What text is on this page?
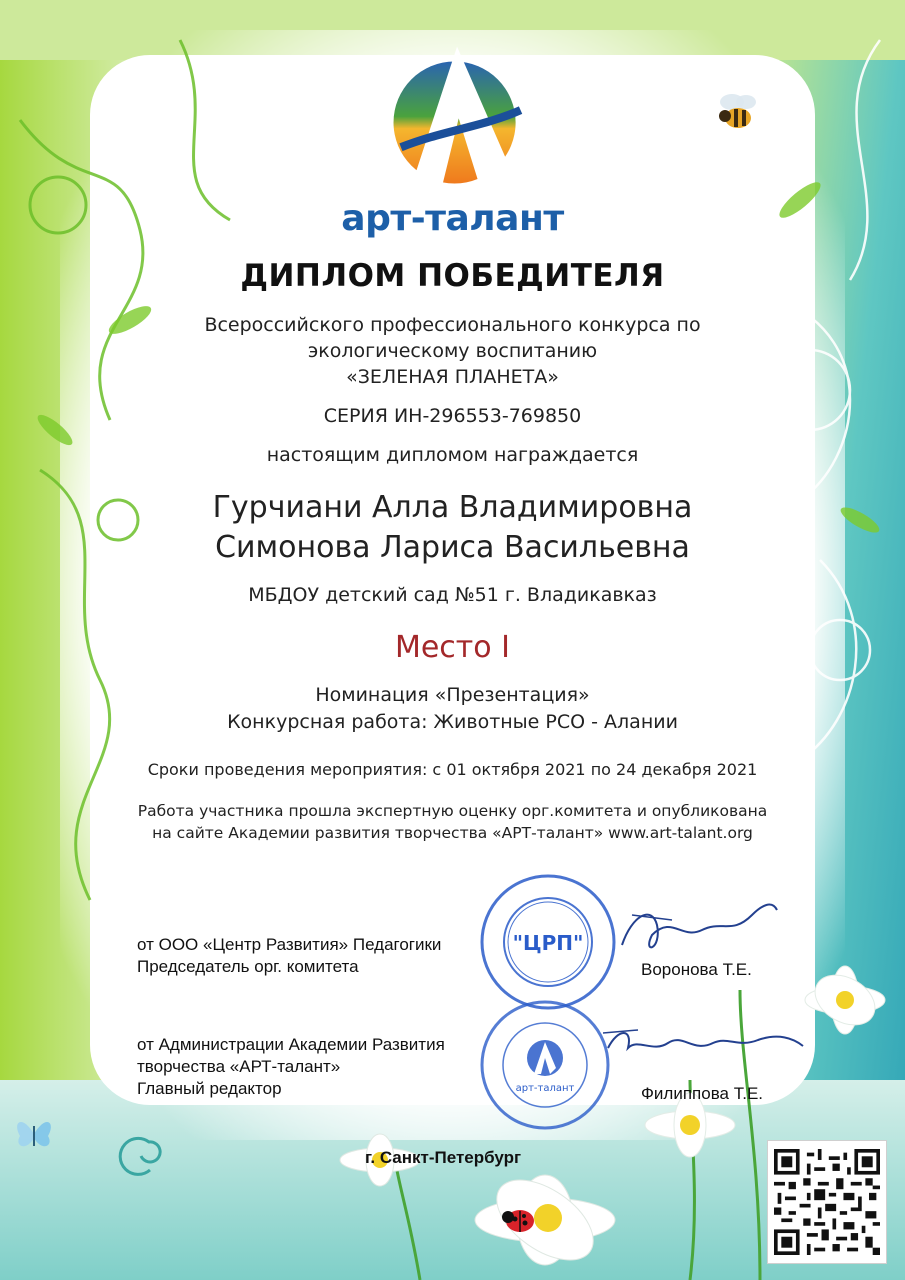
арт-талант
ДИПЛОМ ПОБЕДИТЕЛЯ
Всероссийского профессионального конкурса по
экологическому воспитанию
«ЗЕЛЕНАЯ ПЛАНЕТА»
СЕРИЯ ИН-296553-769850
настоящим дипломом награждается
Гурчиани Алла Владимировна
Симонова Лариса Васильевна
МБДОУ детский сад №51 г. Владикавказ
Место I
Номинация «Презентация»
Конкурсная работа: Животные РСО - Алании
Сроки проведения мероприятия: с 01 октября 2021 по 24 декабря 2021
Работа участника прошла экспертную оценку орг.комитета и опубликована
на сайте Академии развития творчества «АРТ-талант» www.art-talant.org
"ЦРП"
арт-талант
от ООО «Центр Развития» Педагогики
Председатель орг. комитета	Воронова Т.Е.
от Администрации Академии Развития
творчества «АРТ-талант»
Главный редактор	Филиппова Т.Е.
г. Санкт-Петербург
